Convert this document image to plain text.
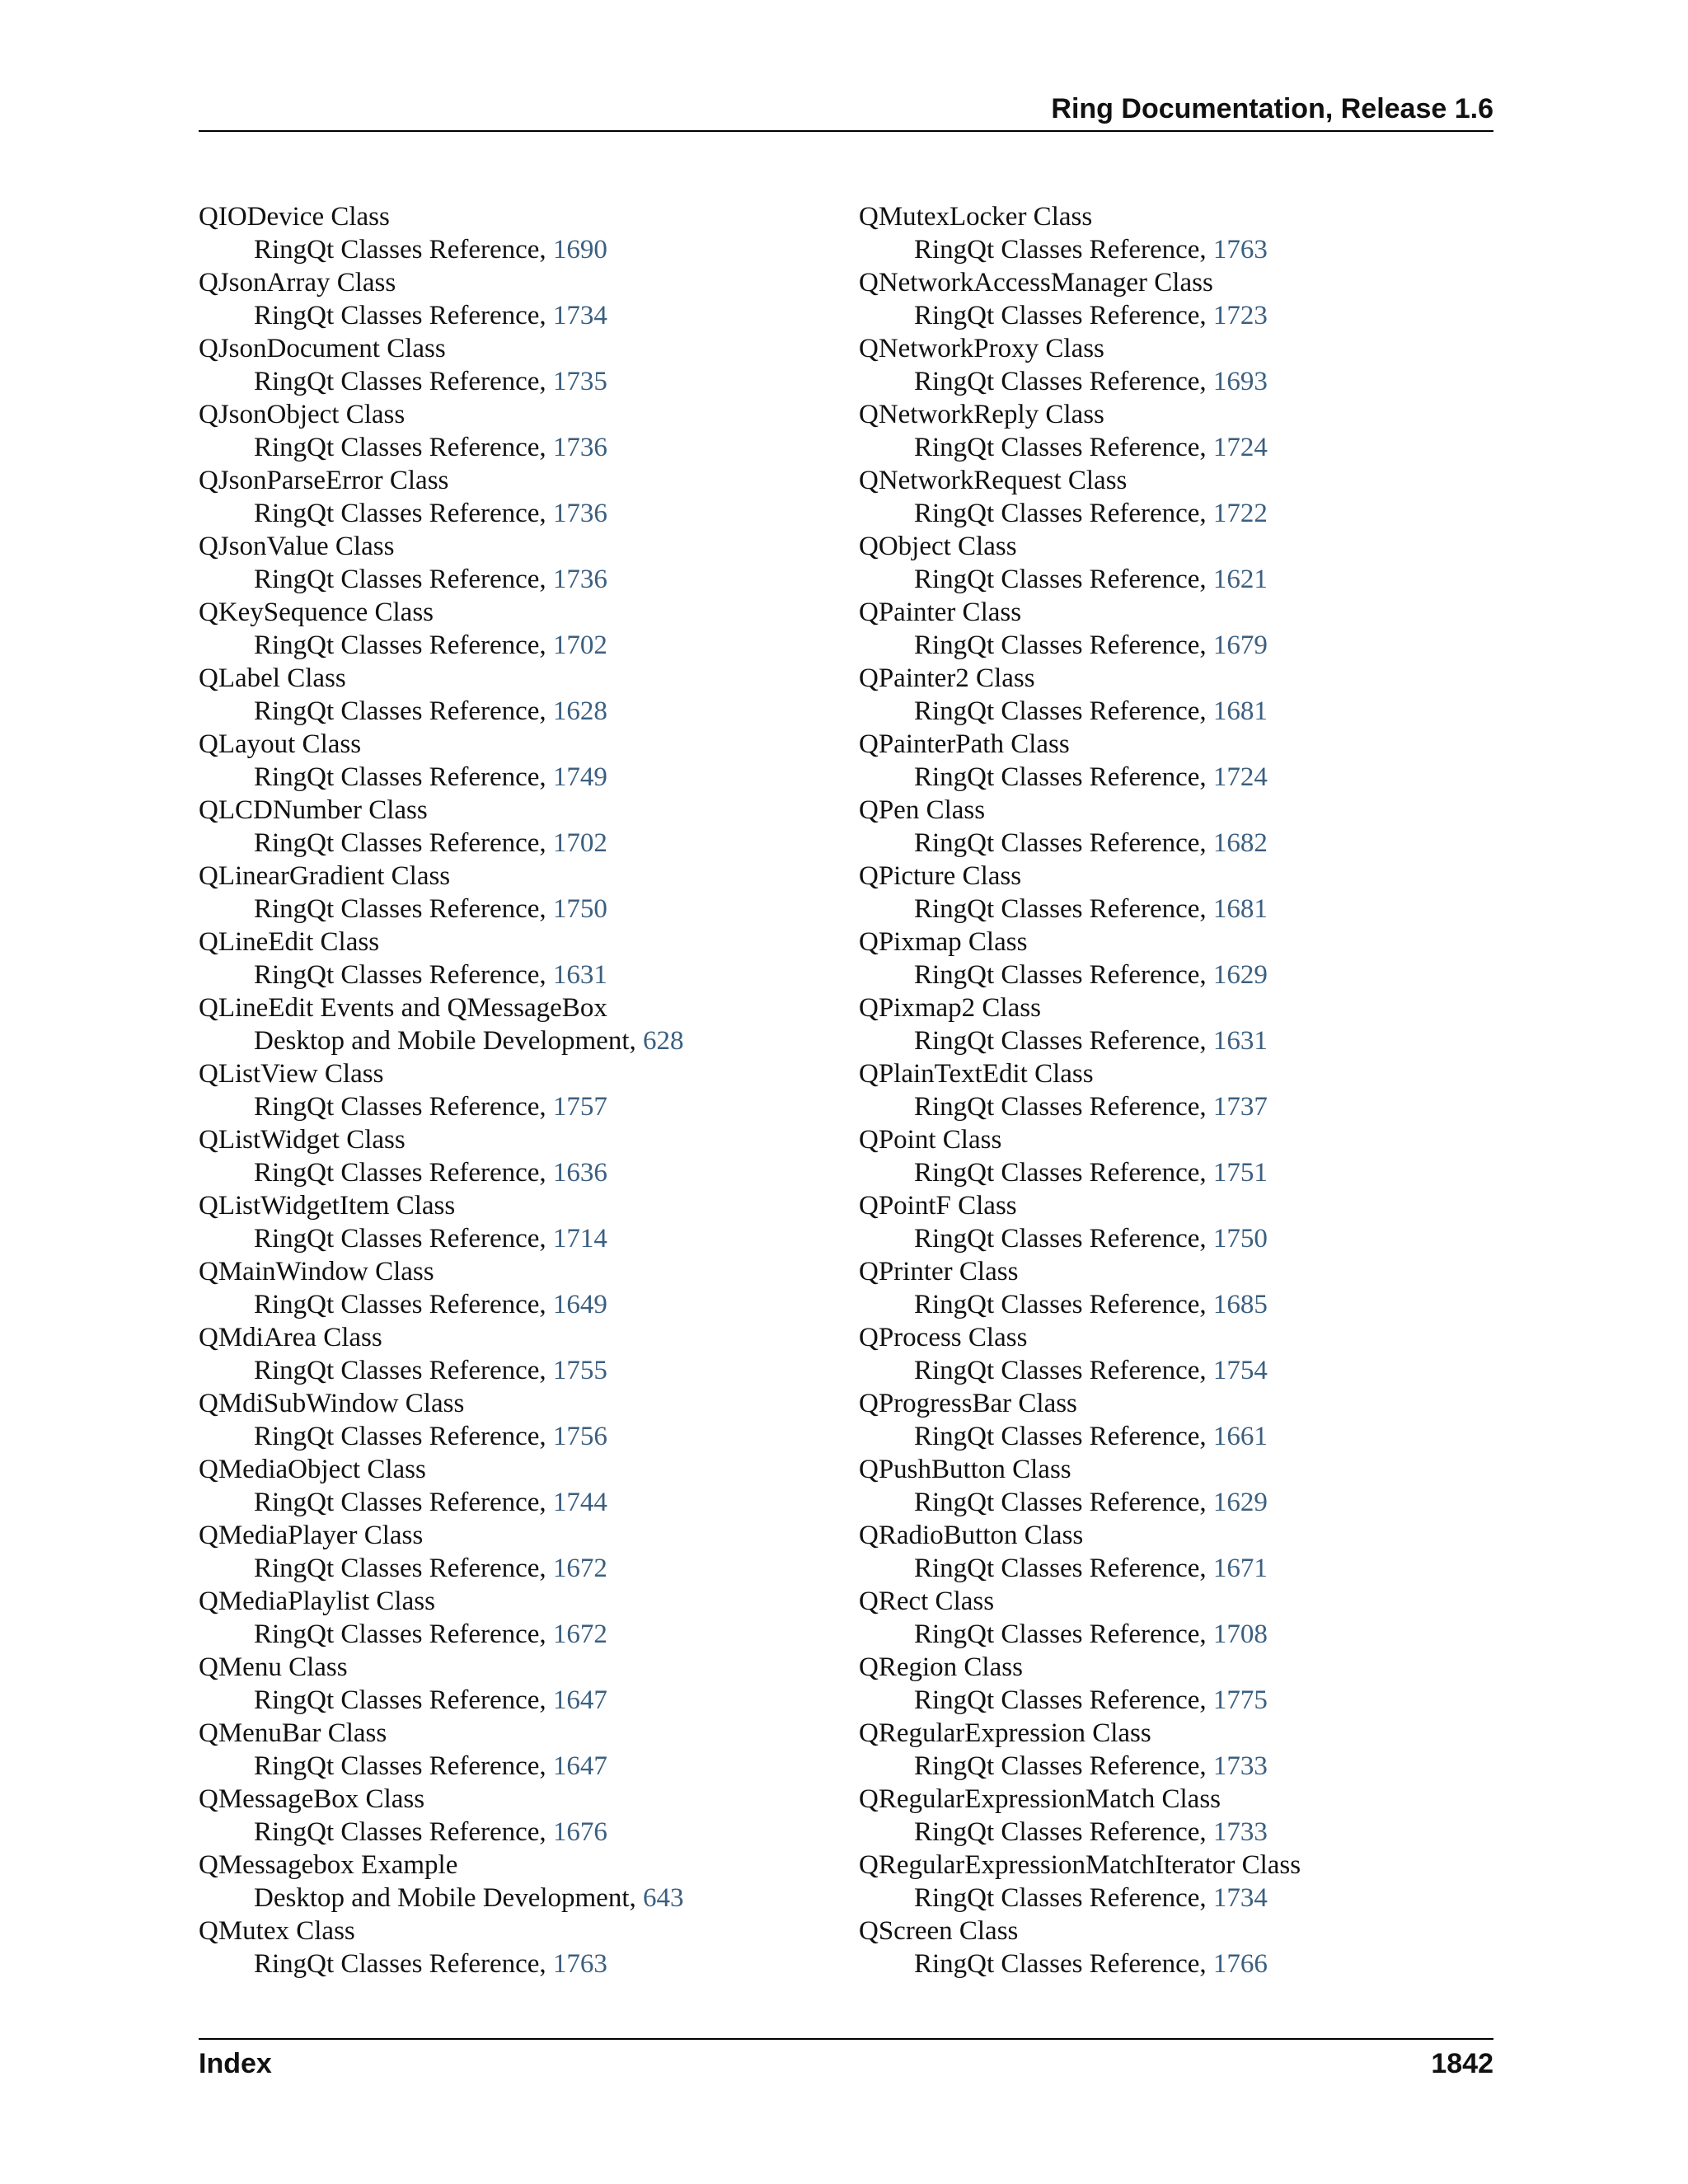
Ring Documentation, Release 1.6
QIODevice Class
RingQt Classes Reference, 1690
QJsonArray Class
RingQt Classes Reference, 1734
QJsonDocument Class
RingQt Classes Reference, 1735
QJsonObject Class
RingQt Classes Reference, 1736
QJsonParseError Class
RingQt Classes Reference, 1736
QJsonValue Class
RingQt Classes Reference, 1736
QKeySequence Class
RingQt Classes Reference, 1702
QLabel Class
RingQt Classes Reference, 1628
QLayout Class
RingQt Classes Reference, 1749
QLCDNumber Class
RingQt Classes Reference, 1702
QLinearGradient Class
RingQt Classes Reference, 1750
QLineEdit Class
RingQt Classes Reference, 1631
QLineEdit Events and QMessageBox
Desktop and Mobile Development, 628
QListView Class
RingQt Classes Reference, 1757
QListWidget Class
RingQt Classes Reference, 1636
QListWidgetItem Class
RingQt Classes Reference, 1714
QMainWindow Class
RingQt Classes Reference, 1649
QMdiArea Class
RingQt Classes Reference, 1755
QMdiSubWindow Class
RingQt Classes Reference, 1756
QMediaObject Class
RingQt Classes Reference, 1744
QMediaPlayer Class
RingQt Classes Reference, 1672
QMediaPlaylist Class
RingQt Classes Reference, 1672
QMenu Class
RingQt Classes Reference, 1647
QMenuBar Class
RingQt Classes Reference, 1647
QMessageBox Class
RingQt Classes Reference, 1676
QMessagebox Example
Desktop and Mobile Development, 643
QMutex Class
RingQt Classes Reference, 1763
QMutexLocker Class
RingQt Classes Reference, 1763
QNetworkAccessManager Class
RingQt Classes Reference, 1723
QNetworkProxy Class
RingQt Classes Reference, 1693
QNetworkReply Class
RingQt Classes Reference, 1724
QNetworkRequest Class
RingQt Classes Reference, 1722
QObject Class
RingQt Classes Reference, 1621
QPainter Class
RingQt Classes Reference, 1679
QPainter2 Class
RingQt Classes Reference, 1681
QPainterPath Class
RingQt Classes Reference, 1724
QPen Class
RingQt Classes Reference, 1682
QPicture Class
RingQt Classes Reference, 1681
QPixmap Class
RingQt Classes Reference, 1629
QPixmap2 Class
RingQt Classes Reference, 1631
QPlainTextEdit Class
RingQt Classes Reference, 1737
QPoint Class
RingQt Classes Reference, 1751
QPointF Class
RingQt Classes Reference, 1750
QPrinter Class
RingQt Classes Reference, 1685
QProcess Class
RingQt Classes Reference, 1754
QProgressBar Class
RingQt Classes Reference, 1661
QPushButton Class
RingQt Classes Reference, 1629
QRadioButton Class
RingQt Classes Reference, 1671
QRect Class
RingQt Classes Reference, 1708
QRegion Class
RingQt Classes Reference, 1775
QRegularExpression Class
RingQt Classes Reference, 1733
QRegularExpressionMatch Class
RingQt Classes Reference, 1733
QRegularExpressionMatchIterator Class
RingQt Classes Reference, 1734
QScreen Class
RingQt Classes Reference, 1766
Index	1842
